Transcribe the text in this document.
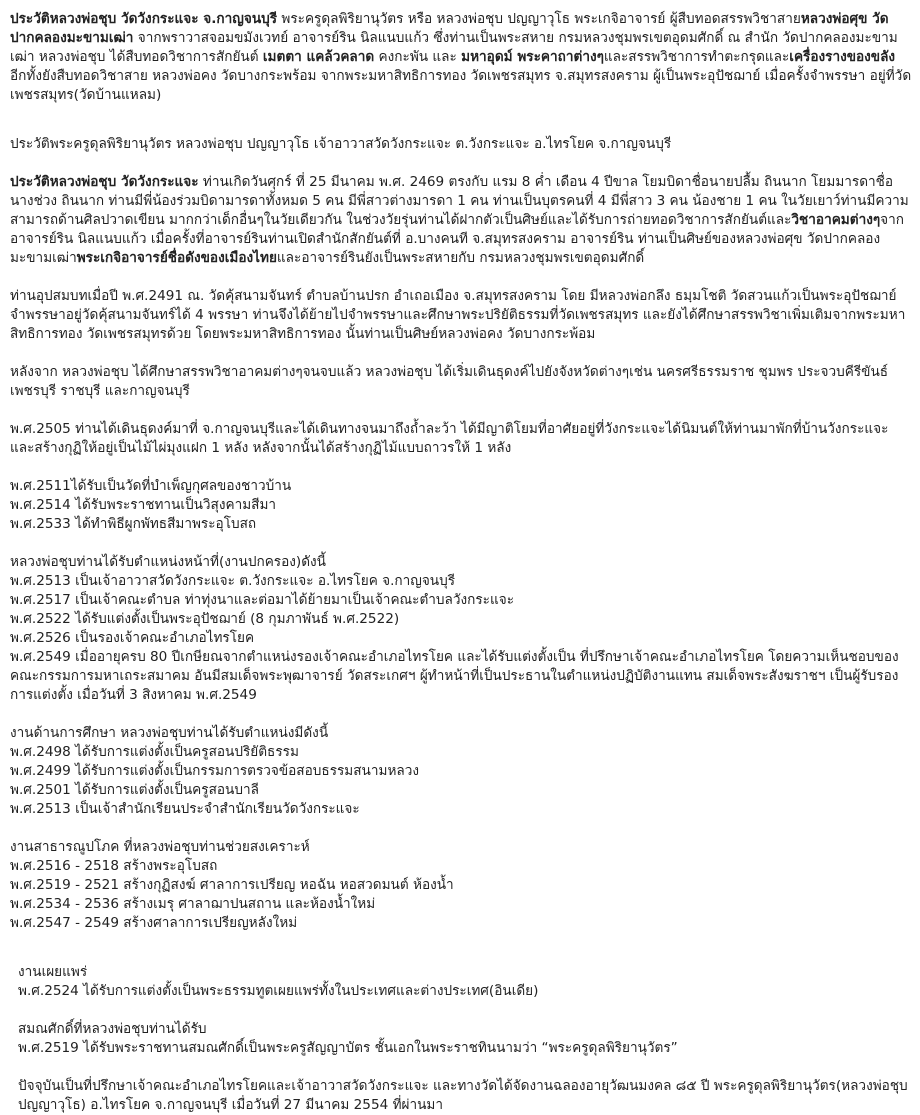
ประวัติหลวงพ่อชุบ วัดวังกระแจะ จ.กาญจนบุรี พระครูดุลพิริยานุวัตร หรือ หลวงพ่อชุบ ปญญาวุโธ พระเกจิอาจารย์ ผู้สืบทอดสรรพวิชาสายหลวงพ่อศุข วัดปากคลองมะขามเฒ่า จากพราวาสจอมขมังเวทย์ อาจารย์ริน นิลแนบแก้ว ซึ่งท่านเป็นพระสหาย กรมหลวงชุมพรเขตอุดมศักดิ์ ณ สำนัก วัดปากคลองมะขามเฒ่า หลวงพ่อชุบ ได้สืบทอดวิชาการสักยันต์ เมตตา แคล้วคลาด คงกะพัน และ มหาอุดม์ พระคาถาต่างๆและสรรพวิชาการทำตะกรุดและเครื่องรางของขลัง อีกทั้งยังสืบทอดวิชาสาย หลวงพ่อคง วัดบางกระพร้อม จากพระมหาสิทธิการทอง วัดเพชรสมุทร จ.สมุทรสงคราม ผู้เป็นพระอุปัชฌาย์ เมื่อครั้งจำพรรษา อยู่ที่วัดเพชรสมุทร(วัดบ้านแหลม)

ประวัติพระครูดุลพิริยานุวัตร หลวงพ่อชุบ ปญญาวุโธ เจ้าอาวาสวัดวังกระแจะ ต.วังกระแจะ อ.ไทรโยค จ.กาญจนบุรี

ประวัติหลวงพ่อชุบ วัดวังกระแจะ ท่านเกิดวันศุกร์ ที่ 25 มีนาคม พ.ศ. 2469 ตรงกับ แรม 8 ค่ำ เดือน 4 ปีขาล โยมบิดาชื่อนายปลื้ม ถินนาก โยมมารดาชื่อนางช่วง ถินนาก ท่านมีพี่น้องร่วมบิดามารดาทั้งหมด 5 คน มีพี่สาวต่างมารดา 1 คน ท่านเป็นบุตรคนที่ 4 มีพี่สาว 3 คน น้องชาย 1 คน ในวัยเยาว์ท่านมีความสามารถด้านศิลปวาดเขียน มากกว่าเด็กอื่นๆในวัยเดียวกัน ในช่วงวัยรุ่นท่านได้ฝากตัวเป็นศิษย์และได้รับการถ่ายทอดวิชาการสักยันต์และวิชาอาคมต่างๆจาก อาจารย์ริน นิลแนบแก้ว เมื่อครั้งที่อาจารย์รินท่านเปิดสำนักสักยันต์ที่ อ.บางคนที จ.สมุทรสงคราม อาจารย์ริน ท่านเป็นศิษย์ของหลวงพ่อศุข วัดปากคลองมะขามเฒ่าพระเกจิอาจารย์ชื่อดังของเมืองไทยและอาจารย์รินยังเป็นพระสหายกับ กรมหลวงชุมพรเขตอุดมศักดิ์

ท่านอุปสมบทเมื่อปี พ.ศ.2491 ณ. วัดคุ้สนามจันทร์ ตำบลบ้านปรก อำเถอเมือง จ.สมุทรสงคราม โดย มีหลวงพ่อกลึง ธมฺมโชติ วัดสวนแก้วเป็นพระอุปัชฌาย์ จำพรรษาอยู่วัดคุ้สนามจันทร์ได้ 4 พรรษา ท่านจึงได้ย้ายไปจำพรรษาและศึกษาพระปริยัติธรรมที่วัดเพชรสมุทร และยังได้ศึกษาสรรพวิชาเพิ่มเติมจากพระมหาสิทธิการทอง วัดเพชรสมุทรด้วย โดยพระมหาสิทธิการทอง นั้นท่านเป็นศิษย์หลวงพ่อคง วัดบางกระพ้อม

หลังจาก หลวงพ่อชุบ ได้ศึกษาสรรพวิชาอาคมต่างๆจนจบแล้ว หลวงพ่อชุบ ได้เริ่มเดินธุดงค์ไปยังจังหวัดต่างๆเช่น นครศรีธรรมราช ชุมพร ประจวบคีรีขันธ์ เพชรบุรี ราชบุรี และกาญจนบุรี

พ.ศ.2505 ท่านได้เดินธุดงค์มาที่ จ.กาญจนบุรีและได้เดินทางจนมาถึงถ้ำละว้า ได้มีญาติโยมที่อาศัยอยู่ที่วังกระแจะได้นิมนต์ให้ท่านมาพักที่บ้านวังกระแจะและสร้างกุฏิให้อยู่เป็นไม้ไผ่มุงแฝก 1 หลัง หลังจากนั้นได้สร้างกุฏิไม้แบบถาวรให้ 1 หลัง

พ.ศ.2511ได้รับเป็นวัดที่บำเพ็ญกุศลของชาวบ้าน
พ.ศ.2514 ได้รับพระราชทานเป็นวิสุงคามสีมา
พ.ศ.2533 ได้ทำพิธีผูกพัทธสีมาพระอุโบสถ
หลวงพ่อชุบท่านได้รับตำแหน่งหน้าที่(งานปกครอง)ดังนี้
พ.ศ.2513 เป็นเจ้าอาวาสวัดวังกระแจะ ต.วังกระแจะ อ.ไทรโยค จ.กาญจนบุรี
พ.ศ.2517 เป็นเจ้าคณะตำบล ท่าทุ่งนาและต่อมาได้ย้ายมาเป็นเจ้าคณะตำบลวังกระแจะ
พ.ศ.2522 ได้รับแต่งตั้งเป็นพระอุปัชฌาย์ (8 กุมภาพันธ์ พ.ศ.2522)
พ.ศ.2526 เป็นรองเจ้าคณะอำเภอไทรโยค
พ.ศ.2549 เมื่ออายุครบ 80 ปีเกษียณจากตำแหน่งรองเจ้าคณะอำเภอไทรโยค และได้รับแต่งตั้งเป็น ที่ปรึกษาเจ้าคณะอำเภอไทรโยค โดยความเห็นชอบของคณะกรรมการมหาเถระสมาคม อันมีสมเด็จพระพุฒาจารย์ วัดสระเกศฯ ผู้ทำหน้าที่เป็นประธานในตำแหน่งปฏิบัติงานแทน สมเด็จพระสังฆราชฯ เป็นผู้รับรองการแต่งตั้ง เมื่อวันที่ 3 สิงหาคม พ.ศ.2549
งานด้านการศึกษา หลวงพ่อชุบท่านได้รับตำแหน่งมีดังนี้
พ.ศ.2498 ได้รับการแต่งตั้งเป็นครูสอนปริยัติธรรม
พ.ศ.2499 ได้รับการแต่งตั้งเป็นกรรมการตรวจข้อสอบธรรมสนามหลวง
พ.ศ.2501 ได้รับการแต่งตั้งเป็นครูสอนบาลี
พ.ศ.2513 เป็นเจ้าสำนักเรียนประจำสำนักเรียนวัดวังกระแจะ
งานสาธารณูปโภค ที่หลวงพ่อชุบท่านช่วยสงเคราะห์
พ.ศ.2516 - 2518 สร้างพระอุโบสถ
พ.ศ.2519 - 2521 สร้างกุฏิสงฆ์ ศาลาการเปรียญ หอฉัน หอสวดมนต์ ห้องน้ำ
พ.ศ.2534 - 2536 สร้างเมรุ ศาลาฌาปนสถาน และห้องน้ำใหม่
พ.ศ.2547 - 2549 สร้างศาลาการเปรียญหลังใหม่
งานเผยแพร่
พ.ศ.2524 ได้รับการแต่งตั้งเป็นพระธรรมทูตเผยแพร่ทั้งในประเทศและต่างประเทศ(อินเดีย)
สมณศักดิ์ที่หลวงพ่อชุบท่านได้รับ
พ.ศ.2519 ได้รับพระราชทานสมณศักดิ์เป็นพระครูสัญญาบัตร ชั้นเอกในพระราชทินนามว่า “พระครูดุลพิริยานุวัตร”

ปัจจุบันเป็นที่ปรึกษาเจ้าคณะอำเภอไทรโยคและเจ้าอาวาสวัดวังกระแจะ และทางวัดได้จัดงานฉลองอายุวัฒนมงคล ๘๕ ปี พระครูดุลพิริยานุวัตร(หลวงพ่อชุบ ปญญาวุโธ) อ.ไทรโยค จ.กาญจนบุรี เมื่อวันที่ 27 มีนาคม 2554 ที่ผ่านมา
